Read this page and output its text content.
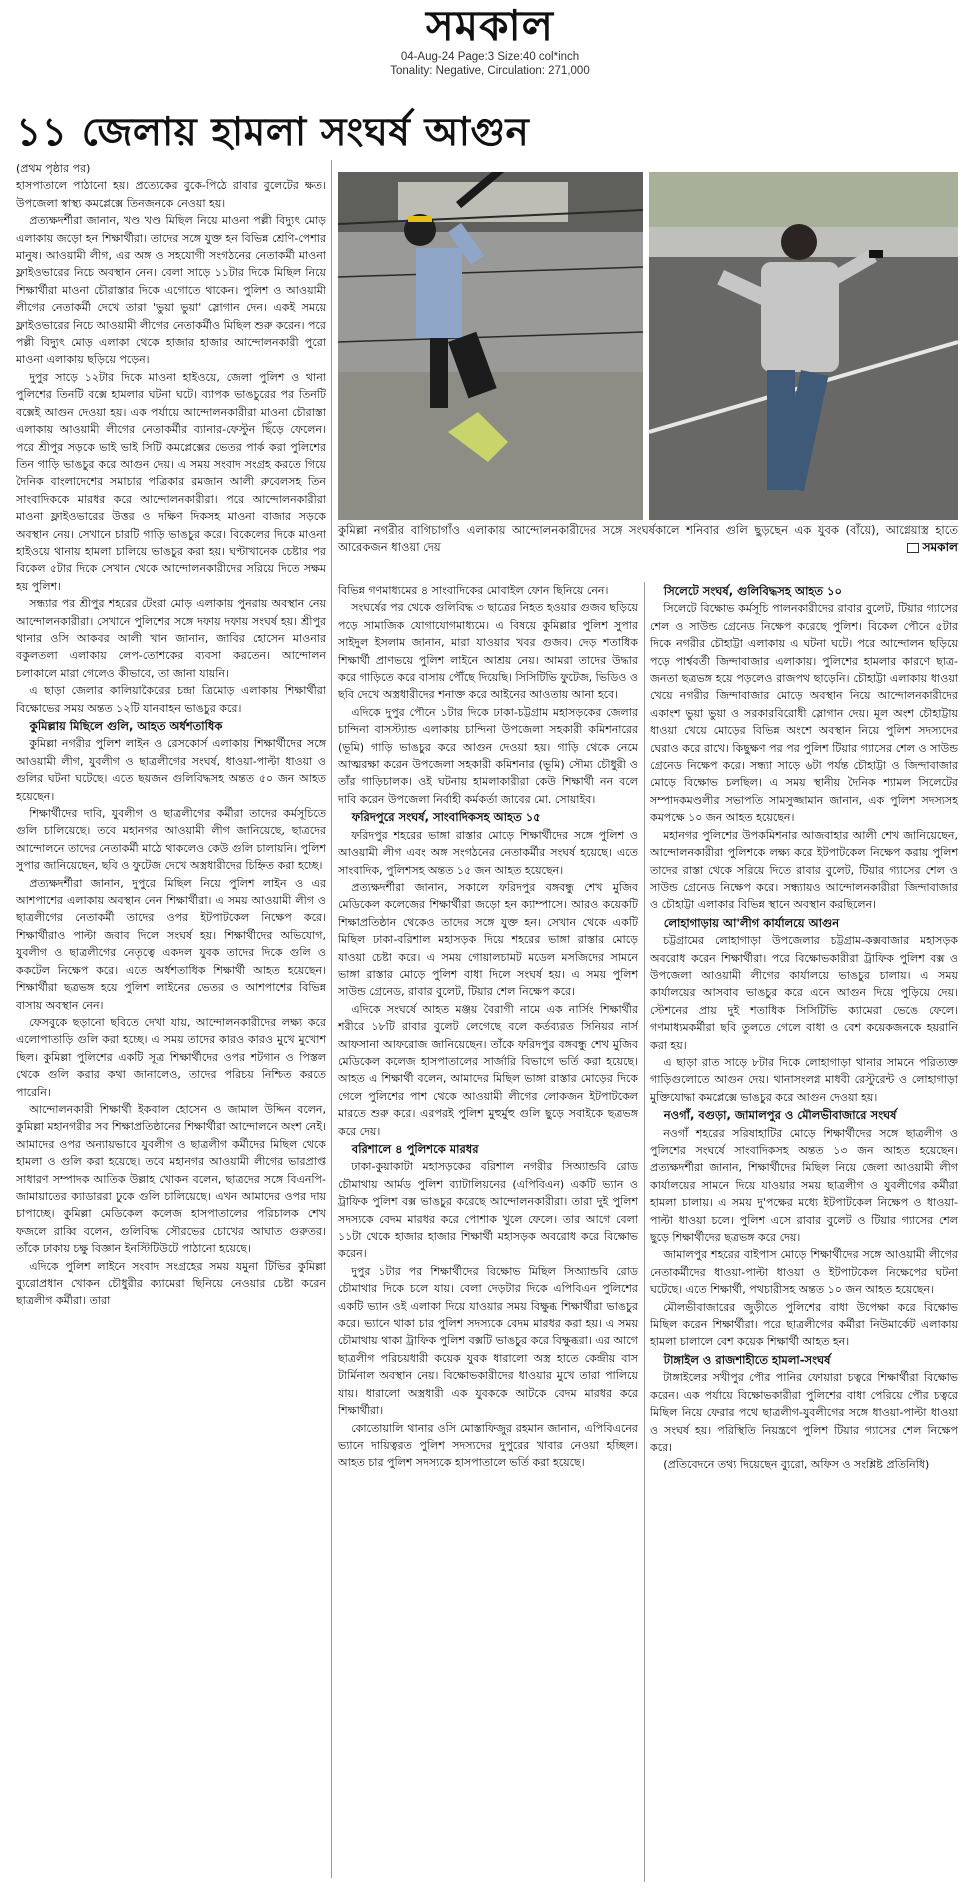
সমকাল
04-Aug-24 Page:3 Size:40 col*inch
Tonality: Negative, Circulation: 271,000
১১ জেলায় হামলা সংঘর্ষ আগুন
কুমিল্লা নগরীর বাগিচাগাঁও এলাকায় আন্দোলনকারীদের সঙ্গে সংঘর্ষকালে শনিবার গুলি ছুড়ছেন এক যুবক (বাঁয়ে), আগ্নেয়াস্ত্র হাতে আরেকজন ধাওয়া দেয়	সমকাল

(প্রথম পৃষ্ঠার পর)

হাসপাতালে পাঠানো হয়। প্রত্যেকের বুকে-পিঠে রাবার বুলেটের ক্ষত। উপজেলা স্বাস্থ্য কমপ্লেক্সে তিনজনকে নেওয়া হয়।

প্রত্যক্ষদর্শীরা জানান, খণ্ড খণ্ড মিছিল নিয়ে মাওনা পল্লী বিদ্যুৎ মোড় এলাকায় জড়ো হন শিক্ষার্থীরা। তাদের সঙ্গে যুক্ত হন বিভিন্ন শ্রেণি-পেশার মানুষ। আওয়ামী লীগ, এর অঙ্গ ও সহযোগী সংগঠনের নেতাকর্মী মাওনা ফ্লাইওভারের নিচে অবস্থান নেন। বেলা সাড়ে ১১টার দিকে মিছিল নিয়ে শিক্ষার্থীরা মাওনা চৌরাস্তার দিকে এগোতে থাকেন। পুলিশ ও আওয়ামী লীগের নেতাকর্মী দেখে তারা 'ভুয়া ভুয়া' স্লোগান দেন। একই সময়ে ফ্লাইওভারের নিচে আওয়ামী লীগের নেতাকর্মীও মিছিল শুরু করেন। পরে পল্লী বিদ্যুৎ মোড় এলাকা থেকে হাজার হাজার আন্দোলনকারী পুরো মাওনা এলাকায় ছড়িয়ে পড়েন।

দুপুর সাড়ে ১২টার দিকে মাওনা হাইওয়ে, জেলা পুলিশ ও থানা পুলিশের তিনটি বক্সে হামলার ঘটনা ঘটে। ব্যাপক ভাঙচুরের পর তিনটি বক্সেই আগুন দেওয়া হয়। এক পর্যায়ে আন্দোলনকারীরা মাওনা চৌরাস্তা এলাকায় আওয়ামী লীগের নেতাকর্মীর ব্যানার-ফেস্টুন ছিঁড়ে ফেলেন। পরে শ্রীপুর সড়কে ভাই ভাই সিটি কমপ্লেক্সের ভেতর পার্ক করা পুলিশের তিন গাড়ি ভাঙচুর করে আগুন দেয়। এ সময় সংবাদ সংগ্রহ করতে গিয়ে দৈনিক বাংলাদেশের সমাচার পত্রিকার রমজান আলী রুবেলসহ তিন সাংবাদিককে মারধর করে আন্দোলনকারীরা। পরে আন্দোলনকারীরা মাওনা ফ্লাইওভারের উত্তর ও দক্ষিণ দিকসহ মাওনা বাজার সড়কে অবস্থান নেয়। সেখানে চারটি গাড়ি ভাঙচুর করে। বিকেলের দিকে মাওনা হাইওয়ে থানায় হামলা চালিয়ে ভাঙচুর করা হয়। ঘণ্টাখানেক চেষ্টার পর বিকেল ৫টার দিকে সেখান থেকে আন্দোলনকারীদের সরিয়ে দিতে সক্ষম হয় পুলিশ।

সন্ধ্যার পর শ্রীপুর শহরের টেংরা মোড় এলাকায় পুনরায় অবস্থান নেয় আন্দোলনকারীরা। সেখানে পুলিশের সঙ্গে দফায় দফায় সংঘর্ষ হয়। শ্রীপুর থানার ওসি আকবর আলী খান জানান, জাবির হোসেন মাওনার বকুলতলা এলাকায় লেপ-তোশকের ব্যবসা করতেন। আন্দোলন চলাকালে মারা গেলেও কীভাবে, তা জানা যায়নি।

এ ছাড়া জেলার কালিয়াকৈরের চন্দ্রা ত্রিমোড় এলাকায় শিক্ষার্থীরা বিক্ষোভের সময় অন্তত ১২টি যানবাহন ভাঙচুর করে।

কুমিল্লায় মিছিলে গুলি, আহত অর্ধশতাধিক

কুমিল্লা নগরীর পুলিশ লাইন ও রেসকোর্স এলাকায় শিক্ষার্থীদের সঙ্গে আওয়ামী লীগ, যুবলীগ ও ছাত্রলীগের সংঘর্ষ, ধাওয়া-পাল্টা ধাওয়া ও গুলির ঘটনা ঘটেছে। এতে ছয়জন গুলিবিদ্ধসহ অন্তত ৫০ জন আহত হয়েছেন।

শিক্ষার্থীদের দাবি, যুবলীগ ও ছাত্রলীগের কর্মীরা তাদের কর্মসূচিতে গুলি চালিয়েছে। তবে মহানগর আওয়ামী লীগ জানিয়েছে, ছাত্রদের আন্দোলনে তাদের নেতাকর্মী মাঠে থাকলেও কেউ গুলি চালায়নি। পুলিশ সুপার জানিয়েছেন, ছবি ও ফুটেজ দেখে অস্ত্রধারীদের চিহ্নিত করা হচ্ছে।

প্রত্যক্ষদর্শীরা জানান, দুপুরে মিছিল নিয়ে পুলিশ লাইন ও এর আশপাশের এলাকায় অবস্থান নেন শিক্ষার্থীরা। এ সময় আওয়ামী লীগ ও ছাত্রলীগের নেতাকর্মী তাদের ওপর ইটপাটকেল নিক্ষেপ করে। শিক্ষার্থীরাও পাল্টা জবাব দিলে সংঘর্ষ হয়। শিক্ষার্থীদের অভিযোগ, যুবলীগ ও ছাত্রলীগের নেতৃত্বে একদল যুবক তাদের দিকে গুলি ও ককটেল নিক্ষেপ করে। এতে অর্ধশতাধিক শিক্ষার্থী আহত হয়েছেন। শিক্ষার্থীরা ছত্রভঙ্গ হয়ে পুলিশ লাইনের ভেতর ও আশপাশের বিভিন্ন বাসায় অবস্থান নেন।

ফেসবুকে ছড়ানো ছবিতে দেখা যায়, আন্দোলনকারীদের লক্ষ্য করে এলোপাতাড়ি গুলি করা হচ্ছে। এ সময় তাদের কারও কারও মুখে মুখোশ ছিল। কুমিল্লা পুলিশের একটি সূত্র শিক্ষার্থীদের ওপর শটগান ও পিস্তল থেকে গুলি করার কথা জানালেও, তাদের পরিচয় নিশ্চিত করতে পারেনি।

আন্দোলনকারী শিক্ষার্থী ইকবাল হোসেন ও জামাল উদ্দিন বলেন, কুমিল্লা মহানগরীর সব শিক্ষাপ্রতিষ্ঠানের শিক্ষার্থীরা আন্দোলনে অংশ নেই। আমাদের ওপর অন্যায়ভাবে যুবলীগ ও ছাত্রলীগ কর্মীদের মিছিল থেকে হামলা ও গুলি করা হয়েছে। তবে মহানগর আওয়ামী লীগের ভারপ্রাপ্ত সাধারণ সম্পাদক আতিক উল্লাহ খোকন বলেন, ছাত্রদের সঙ্গে বিএনপি-জামায়াতের ক্যাডাররা ঢুকে গুলি চালিয়েছে। এখন আমাদের ওপর দায় চাপাচ্ছে। কুমিল্লা মেডিকেল কলেজ হাসপাতালের পরিচালক শেখ ফজলে রাব্বি বলেন, গুলিবিদ্ধ সৌরভের চোখের আঘাত গুরুতর। তাঁকে ঢাকায় চক্ষু বিজ্ঞান ইনস্টিটিউটে পাঠানো হয়েছে।

এদিকে পুলিশ লাইনে সংবাদ সংগ্রহের সময় যমুনা টিভির কুমিল্লা ব্যুরোপ্রধান খোকন চৌধুরীর ক্যামেরা ছিনিয়ে নেওয়ার চেষ্টা করেন ছাত্রলীগ কর্মীরা। তারা

বিভিন্ন গণমাধ্যমের ৪ সাংবাদিকের মোবাইল ফোন ছিনিয়ে নেন।

সংঘর্ষের পর থেকে গুলিবিদ্ধ ৩ ছাত্রের নিহত হওয়ার গুজব ছড়িয়ে পড়ে সামাজিক যোগাযোগমাধ্যমে। এ বিষয়ে কুমিল্লার পুলিশ সুপার সাইদুল ইসলাম জানান, মারা যাওয়ার খবর গুজব। দেড় শতাধিক শিক্ষার্থী প্রাণভয়ে পুলিশ লাইনে আশ্রয় নেয়। আমরা তাদের উদ্ধার করে গাড়িতে করে বাসায় পৌঁছে দিয়েছি। সিসিটিভি ফুটেজ, ভিডিও ও ছবি দেখে অস্ত্রধারীদের শনাক্ত করে আইনের আওতায় আনা হবে।

এদিকে দুপুর পৌনে ১টার দিকে ঢাকা-চট্টগ্রাম মহাসড়কের জেলার চান্দিনা বাসস্ট্যান্ড এলাকায় চান্দিনা উপজেলা সহকারী কমিশনারের (ভূমি) গাড়ি ভাঙচুর করে আগুন দেওয়া হয়। গাড়ি থেকে নেমে আত্মরক্ষা করেন উপজেলা সহকারী কমিশনার (ভূমি) সৌম্য চৌধুরী ও তাঁর গাড়িচালক। ওই ঘটনায় হামলাকারীরা কেউ শিক্ষার্থী নন বলে দাবি করেন উপজেলা নির্বাহী কর্মকর্তা জাবের মো. সোয়াইব।

ফরিদপুরে সংঘর্ষ, সাংবাদিকসহ আহত ১৫

ফরিদপুর শহরের ভাঙ্গা রাস্তার মোড়ে শিক্ষার্থীদের সঙ্গে পুলিশ ও আওয়ামী লীগ এবং অঙ্গ সংগঠনের নেতাকর্মীর সংঘর্ষ হয়েছে। এতে সাংবাদিক, পুলিশসহ অন্তত ১৫ জন আহত হয়েছেন।

প্রত্যক্ষদর্শীরা জানান, সকালে ফরিদপুর বঙ্গবন্ধু শেখ মুজিব মেডিকেল কলেজের শিক্ষার্থীরা জড়ো হন ক্যাম্পাসে। আরও কয়েকটি শিক্ষাপ্রতিষ্ঠান থেকেও তাদের সঙ্গে যুক্ত হন। সেখান থেকে একটি মিছিল ঢাকা-বরিশাল মহাসড়ক দিয়ে শহরের ভাঙ্গা রাস্তার মোড়ে যাওয়া চেষ্টা করে। এ সময় গোয়ালচামট মডেল মসজিদের সামনে ভাঙ্গা রাস্তার মোড়ে পুলিশ বাধা দিলে সংঘর্ষ হয়। এ সময় পুলিশ সাউন্ড গ্রেনেড, রাবার বুলেট, টিয়ার শেল নিক্ষেপ করে।

এদিকে সংঘর্ষে আহত মঞ্জয় বৈরাগী নামে এক নার্সিং শিক্ষার্থীর শরীরে ১৮টি রাবার বুলেট লেগেছে বলে কর্তব্যরত সিনিয়র নার্স আফসানা আফরোজ জানিয়েছেন। তাঁকে ফরিদপুর বঙ্গবন্ধু শেখ মুজিব মেডিকেল কলেজ হাসপাতালের সার্জারি বিভাগে ভর্তি করা হয়েছে। আহত এ শিক্ষার্থী বলেন, আমাদের মিছিল ভাঙ্গা রাস্তার মোড়ের দিকে গেলে পুলিশের পাশ থেকে আওয়ামী লীগের লোকজন ইটপাটকেল মারতে শুরু করে। এরপরই পুলিশ মুহুর্মুহু গুলি ছুড়ে সবাইকে ছত্রভঙ্গ করে দেয়।

বরিশালে ৪ পুলিশকে মারধর

ঢাকা-কুয়াকাটা মহাসড়কের বরিশাল নগরীর সিঅ্যান্ডবি রোড চৌমাথায় আর্মড পুলিশ ব্যাটালিয়নের (এপিবিএন) একটি ভ্যান ও ট্রাফিক পুলিশ বক্স ভাঙচুর করেছে আন্দোলনকারীরা। তারা দুই পুলিশ সদস্যকে বেদম মারধর করে পোশাক খুলে ফেলে। তার আগে বেলা ১১টা থেকে হাজার হাজার শিক্ষার্থী মহাসড়ক অবরোধ করে বিক্ষোভ করেন।

দুপুর ১টার পর শিক্ষার্থীদের বিক্ষোভ মিছিল সিঅ্যান্ডবি রোড চৌমাথার দিকে চলে যায়। বেলা দেড়টার দিকে এপিবিএন পুলিশের একটি ভ্যান ওই এলাকা দিয়ে যাওয়ার সময় বিক্ষুব্ধ শিক্ষার্থীরা ভাঙচুর করে। ভ্যানে থাকা চার পুলিশ সদস্যকে বেদম মারধর করা হয়। এ সময় চৌমাথায় থাকা ট্রাফিক পুলিশ বক্সটি ভাঙচুর করে বিক্ষুব্ধরা। এর আগে ছাত্রলীগ পরিচয়ধারী কয়েক যুবক ধারালো অস্ত্র হাতে কেন্দ্রীয় বাস টার্মিনাল অবস্থান নেয়। বিক্ষোভকারীদের ধাওয়ার মুখে তারা পালিয়ে যায়। ধারালো অস্ত্রধারী এক যুবককে আটকে বেদম মারধর করে শিক্ষার্থীরা।

কোতোয়ালি থানার ওসি মোস্তাফিজুর রহমান জানান, এপিবিএনের ভ্যানে দায়িত্বরত পুলিশ সদস্যদের দুপুরের খাবার নেওয়া হচ্ছিল। আহত চার পুলিশ সদস্যকে হাসপাতালে ভর্তি করা হয়েছে।

সিলেটে সংঘর্ষ, গুলিবিদ্ধসহ আহত ১০

সিলেটে বিক্ষোভ কর্মসূচি পালনকারীদের রাবার বুলেট, টিয়ার গ্যাসের শেল ও সাউন্ড গ্রেনেড নিক্ষেপ করেছে পুলিশ। বিকেল পৌনে ৫টার দিকে নগরীর চৌহাট্টা এলাকায় এ ঘটনা ঘটে। পরে আন্দোলন ছড়িয়ে পড়ে পার্শ্ববর্তী জিন্দাবাজার এলাকায়। পুলিশের হামলার কারণে ছাত্র-জনতা ছত্রভঙ্গ হয়ে পড়লেও রাজপথ ছাড়েনি। চৌহাট্টা এলাকায় ধাওয়া খেয়ে নগরীর জিন্দাবাজার মোড়ে অবস্থান নিয়ে আন্দোলনকারীদের একাংশ ভুয়া ভুয়া ও সরকারবিরোধী স্লোগান দেয়। মূল অংশ চৌহাট্টায় ধাওয়া খেয়ে মোড়ের বিভিন্ন অংশে অবস্থান নিয়ে পুলিশ সদস্যদের ঘেরাও করে রাখে। কিছুক্ষণ পর পর পুলিশ টিয়ার গ্যাসের শেল ও সাউন্ড গ্রেনেড নিক্ষেপ করে। সন্ধ্যা সাড়ে ৬টা পর্যন্ত চৌহাট্টা ও জিন্দাবাজার মোড়ে বিক্ষোভ চলছিল। এ সময় স্থানীয় দৈনিক শ্যামল সিলেটের সম্পাদকমণ্ডলীর সভাপতি সামসুজ্জামান জানান, এক পুলিশ সদস্যসহ কমপক্ষে ১০ জন আহত হয়েছেন।

মহানগর পুলিশের উপকমিশনার আজবাহার আলী শেখ জানিয়েছেন, আন্দোলনকারীরা পুলিশকে লক্ষ্য করে ইটপাটকেল নিক্ষেপ করায় পুলিশ তাদের রাস্তা থেকে সরিয়ে দিতে রাবার বুলেট, টিয়ার গ্যাসের শেল ও সাউন্ড গ্রেনেড নিক্ষেপ করে। সন্ধ্যায়ও আন্দোলনকারীরা জিন্দাবাজার ও চৌহাট্টা এলাকার বিভিন্ন স্থানে অবস্থান করছিলেন।

লোহাগাড়ায় আ'লীগ কার্যালয়ে আগুন

চট্টগ্রামের লোহাগাড়া উপজেলার চট্টগ্রাম-কক্সবাজার মহাসড়ক অবরোধ করেন শিক্ষার্থীরা। পরে বিক্ষোভকারীরা ট্রাফিক পুলিশ বক্স ও উপজেলা আওয়ামী লীগের কার্যালয়ে ভাঙচুর চালায়। এ সময় কার্যালয়ের আসবাব ভাঙচুর করে এনে আগুন দিয়ে পুড়িয়ে দেয়। স্টেশনের প্রায় দুই শতাধিক সিসিটিভি ক্যামেরা ভেঙে ফেলে। গণমাধ্যমকর্মীরা ছবি তুলতে গেলে বাধা ও বেশ কয়েকজনকে হয়রানি করা হয়।

এ ছাড়া রাত সাড়ে ৮টার দিকে লোহাগাড়া থানার সামনে পরিত্যক্ত গাড়িগুলোতে আগুন দেয়। থানাসংলগ্ন মাধবী রেস্টুরেন্ট ও লোহাগাড়া মুক্তিযোদ্ধা কমপ্লেক্সে ভাঙচুর করে আগুন দেওয়া হয়।

নওগাঁ, বগুড়া, জামালপুর ও মৌলভীবাজারে সংঘর্ষ

নওগাঁ শহরের সরিষাহাটির মোড়ে শিক্ষার্থীদের সঙ্গে ছাত্রলীগ ও পুলিশের সংঘর্ষে সাংবাদিকসহ অন্তত ১৩ জন আহত হয়েছেন। প্রত্যক্ষদর্শীরা জানান, শিক্ষার্থীদের মিছিল নিয়ে জেলা আওয়ামী লীগ কার্যালয়ের সামনে দিয়ে যাওয়ার সময় ছাত্রলীগ ও যুবলীগের কর্মীরা হামলা চালায়। এ সময় দু'পক্ষের মধ্যে ইটপাটকেল নিক্ষেপ ও ধাওয়া-পাল্টা ধাওয়া চলে। পুলিশ এসে রাবার বুলেট ও টিয়ার গ্যাসের শেল ছুড়ে শিক্ষার্থীদের ছত্রভঙ্গ করে দেয়।

জামালপুর শহরের বাইপাস মোড়ে শিক্ষার্থীদের সঙ্গে আওয়ামী লীগের নেতাকর্মীদের ধাওয়া-পাল্টা ধাওয়া ও ইটপাটকেল নিক্ষেপের ঘটনা ঘটেছে। এতে শিক্ষার্থী, পথচারীসহ অন্তত ১০ জন আহত হয়েছেন।

মৌলভীবাজারের জুড়ীতে পুলিশের বাধা উপেক্ষা করে বিক্ষোভ মিছিল করেন শিক্ষার্থীরা। পরে ছাত্রলীগের কর্মীরা নিউমার্কেট এলাকায় হামলা চালালে বেশ কয়েক শিক্ষার্থী আহত হন।

টাঙ্গাইল ও রাজশাহীতে হামলা-সংঘর্ষ

টাঙ্গাইলের সখীপুর পৌর পানির ফোয়ারা চত্বরে শিক্ষার্থীরা বিক্ষোভ করেন। এক পর্যায়ে বিক্ষোভকারীরা পুলিশের বাধা পেরিয়ে পৌর চত্বরে মিছিল নিয়ে ফেরার পথে ছাত্রলীগ-যুবলীগের সঙ্গে ধাওয়া-পাল্টা ধাওয়া ও সংঘর্ষ হয়। পরিস্থিতি নিয়ন্ত্রণে পুলিশ টিয়ার গ্যাসের শেল নিক্ষেপ করে।

(প্রতিবেদনে তথ্য দিয়েছেন ব্যুরো, অফিস ও সংশ্লিষ্ট প্রতিনিধি)
